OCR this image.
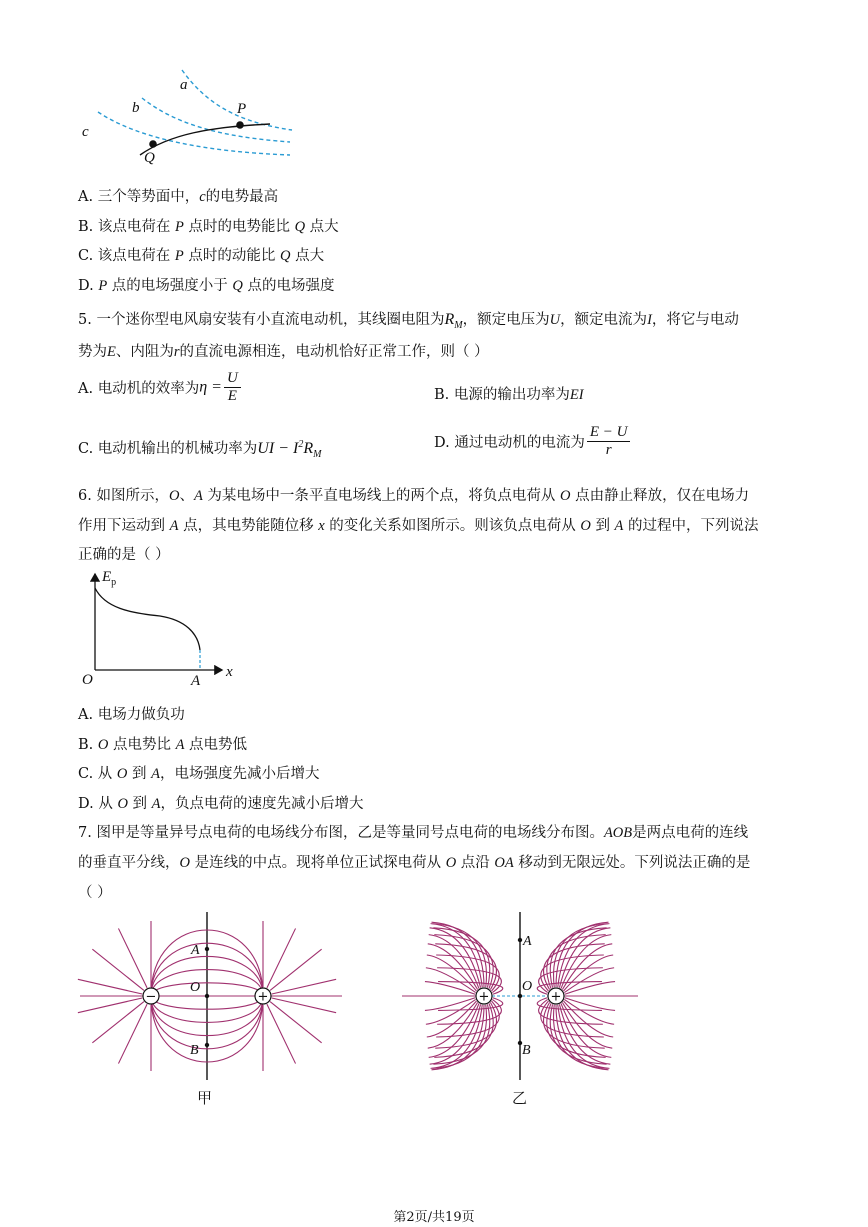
a
b
c
P
Q
A. 三个等势面中，c的电势最高
B. 该点电荷在 P 点时的电势能比 Q 点大
C. 该点电荷在 P 点时的动能比 Q 点大
D. P 点的电场强度小于 Q 点的电场强度
5. 一个迷你型电风扇安装有小直流电动机，其线圈电阻为$R_M$，额定电压为U，额定电流为I，将它与电动
势为E、内阻为r的直流电源相连，电动机恰好正常工作，则（ ）
A. 电动机的效率为$\eta = \frac{U}{E}$	B. 电源的输出功率为EI
C. 电动机输出的机械功率为UI − $I^2R_M$
D. 通过电动机的电流为 $\frac{E - U}{r}$
6. 如图所示，O、A 为某电场中一条平直电场线上的两个点，将负点电荷从 O 点由静止释放，仅在电场力
作用下运动到 A 点，其电势能随位移 x 的变化关系如图所示。则该负点电荷从 O 到 A 的过程中，下列说法
正确的是（ ）
$E_p$
x
O	A
A. 电场力做负功
B. O 点电势比 A 点电势低
C. 从 O 到 A，电场强度先减小后增大
D. 从 O 到 A，负点电荷的速度先减小后增大
7. 图甲是等量异号点电荷的电场线分布图，乙是等量同号点电荷的电场线分布图。AOB是两点电荷的连线
的垂直平分线，O 是连线的中点。现将单位正试探电荷从 O 点沿 OA 移动到无限远处。下列说法正确的是
（ ）
−	+
A
O
B
甲
+	+
A
O
B
乙
第2页/共19页
